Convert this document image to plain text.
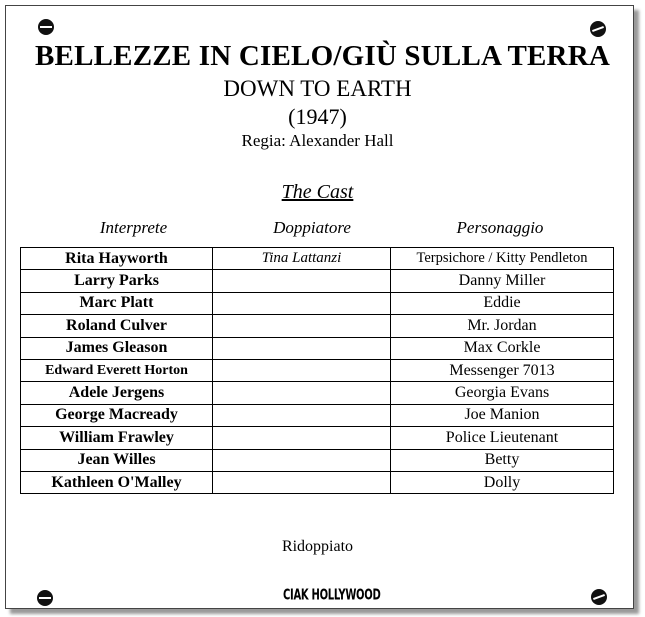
BELLEZZE IN CIELO/GIÙ SULLA TERRA
DOWN TO EARTH
(1947)
Regia: Alexander Hall
The Cast
Interprete	Doppiatore	Personaggio
Rita Hayworth	Tina Lattanzi	Terpsichore / Kitty Pendleton
Larry Parks		Danny Miller
Marc Platt		Eddie
Roland Culver		Mr. Jordan
James Gleason		Max Corkle
Edward Everett Horton		Messenger 7013
Adele Jergens		Georgia Evans
George Macready		Joe Manion
William Frawley		Police Lieutenant
Jean Willes		Betty
Kathleen O'Malley		Dolly
Ridoppiato
CIAK HOLLYWOOD
